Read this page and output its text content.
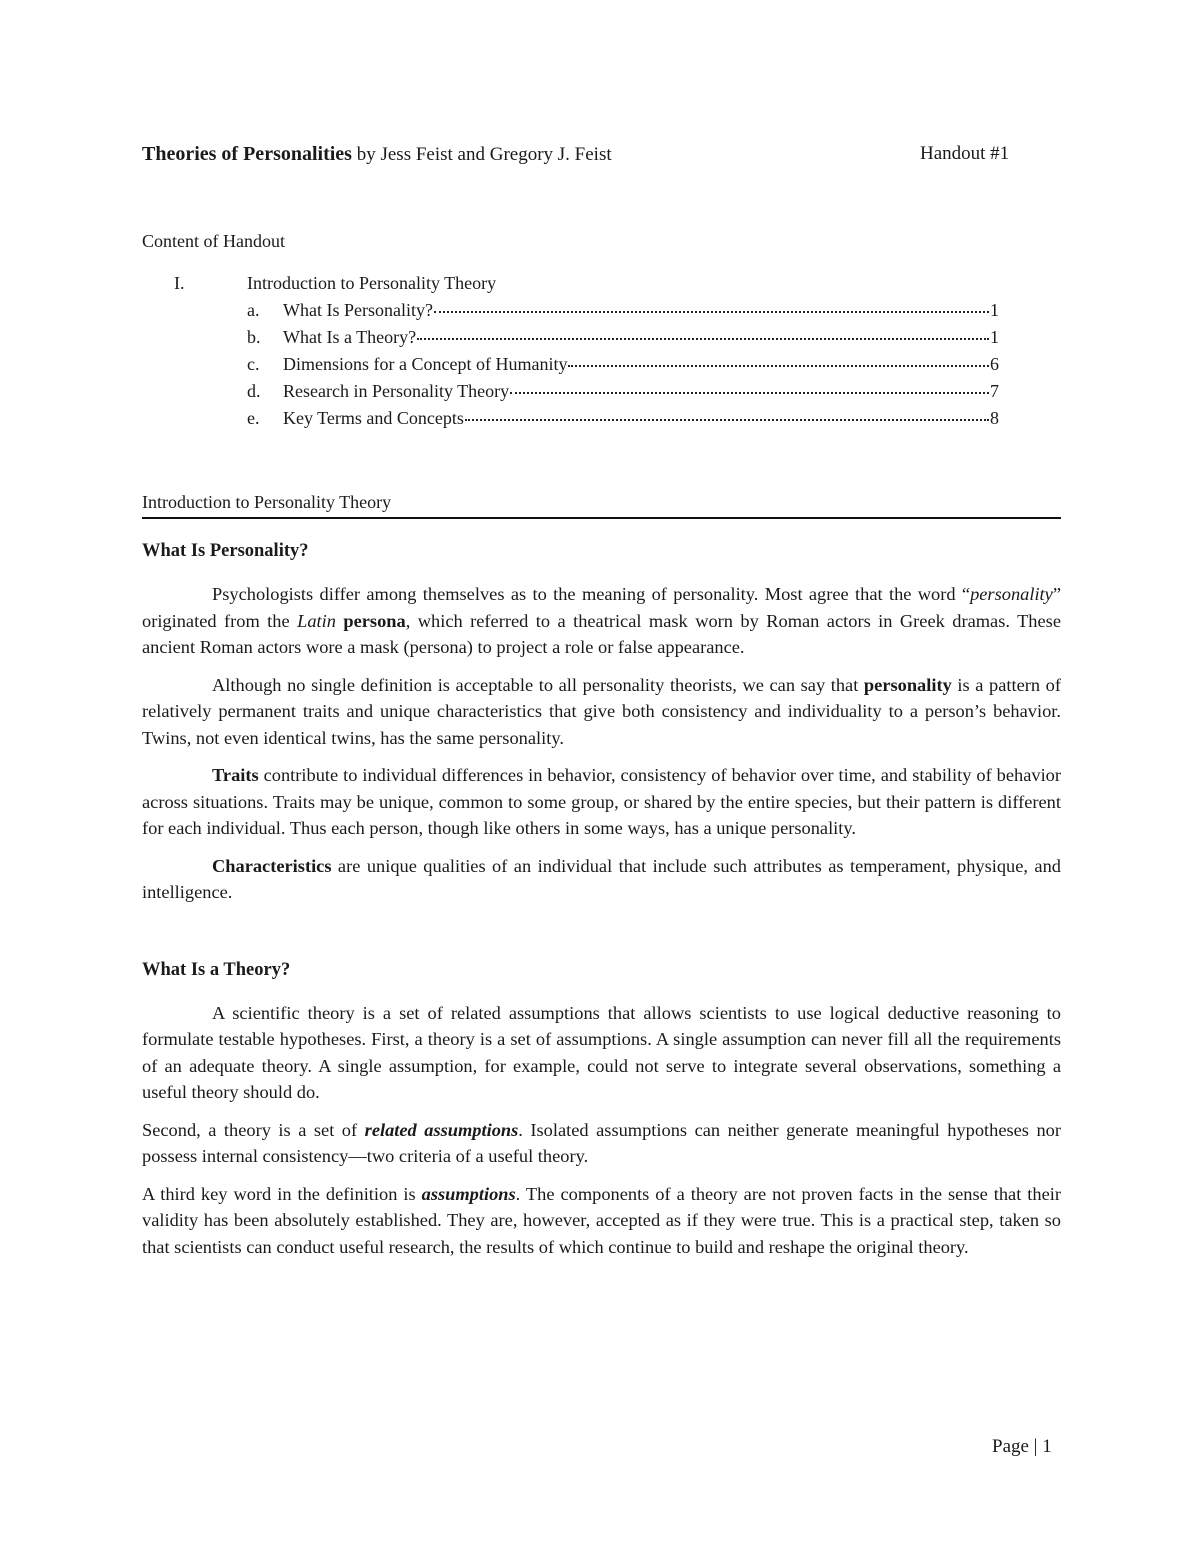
Theories of Personalities by Jess Feist and Gregory J. Feist	Handout #1
Content of Handout
I.	Introduction to Personality Theory
a.	What Is Personality?	1
b.	What Is a Theory?	1
c.	Dimensions for a Concept of Humanity	6
d.	Research in Personality Theory	7
e.	Key Terms and Concepts	8
Introduction to Personality Theory
What Is Personality?

Psychologists differ among themselves as to the meaning of personality. Most agree that the word “personality” originated from the Latin persona, which referred to a theatrical mask worn by Roman actors in Greek dramas. These ancient Roman actors wore a mask (persona) to project a role or false appearance.

Although no single definition is acceptable to all personality theorists, we can say that personality is a pattern of relatively permanent traits and unique characteristics that give both consistency and individuality to a person’s behavior. Twins, not even identical twins, has the same personality.

Traits contribute to individual differences in behavior, consistency of behavior over time, and stability of behavior across situations. Traits may be unique, common to some group, or shared by the entire species, but their pattern is different for each individual. Thus each person, though like others in some ways, has a unique personality.

Characteristics are unique qualities of an individual that include such attributes as temperament, physique, and intelligence.

What Is a Theory?

A scientific theory is a set of related assumptions that allows scientists to use logical deductive reasoning to formulate testable hypotheses. First, a theory is a set of assumptions. A single assumption can never fill all the requirements of an adequate theory. A single assumption, for example, could not serve to integrate several observations, something a useful theory should do.

Second, a theory is a set of related assumptions. Isolated assumptions can neither generate meaningful hypotheses nor possess internal consistency—two criteria of a useful theory.

A third key word in the definition is assumptions. The components of a theory are not proven facts in the sense that their validity has been absolutely established. They are, however, accepted as if they were true. This is a practical step, taken so that scientists can conduct useful research, the results of which continue to build and reshape the original theory.

Page | 1
